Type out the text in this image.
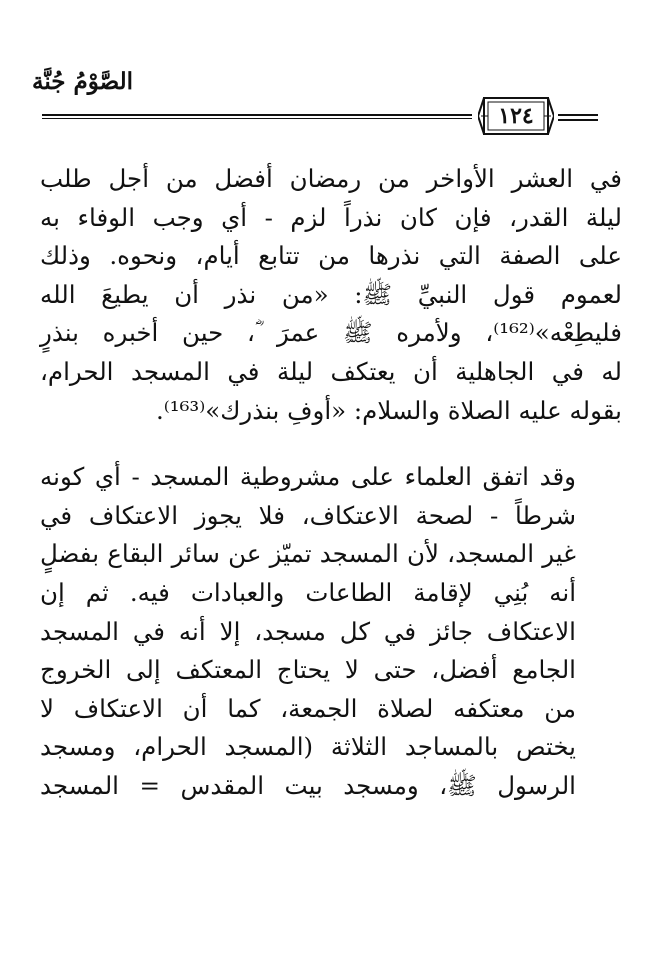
الصَّوْمُ جُنَّة
١٢٤

في العشر الأواخر من رمضان أفضل من أجل طلب
ليلة القدر، فإن كان نذراً لزم - أي وجب الوفاء به
على الصفة التي نذرها من تتابع أيام، ونحوه. وذلك
لعموم قول النبيِّ ﷺ: «من نذر أن يطيعَ الله
فليطِعْه»⁽¹⁶²⁾، ولأمره ﷺ عمرَ ؓ، حين أخبره بنذرٍ
له في الجاهلية أن يعتكف ليلة في المسجد الحرام،
بقوله عليه الصلاة والسلام: «أوفِ بنذرك»⁽¹⁶³⁾.

وقد اتفق العلماء على مشروطية المسجد - أي كونه
شرطاً - لصحة الاعتكاف، فلا يجوز الاعتكاف في
غير المسجد، لأن المسجد تميّز عن سائر البقاع بفضلٍ
أنه بُنِي لإقامة الطاعات والعبادات فيه. ثم إن
الاعتكاف جائز في كل مسجد، إلا أنه في المسجد
الجامع أفضل، حتى لا يحتاج المعتكف إلى الخروج
من معتكفه لصلاة الجمعة، كما أن الاعتكاف لا
يختص بالمساجد الثلاثة (المسجد الحرام، ومسجد
الرسول ﷺ، ومسجد بيت المقدس = المسجد
